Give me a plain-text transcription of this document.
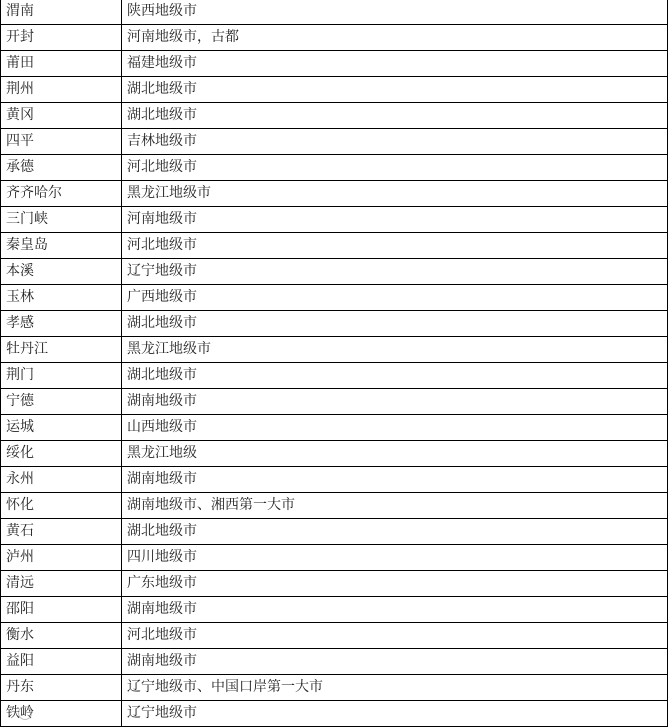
渭南	陕西地级市
开封	河南地级市，古都
莆田	福建地级市
荆州	湖北地级市
黄冈	湖北地级市
四平	吉林地级市
承德	河北地级市
齐齐哈尔	黑龙江地级市
三门峡	河南地级市
秦皇岛	河北地级市
本溪	辽宁地级市
玉林	广西地级市
孝感	湖北地级市
牡丹江	黑龙江地级市
荆门	湖北地级市
宁德	湖南地级市
运城	山西地级市
绥化	黑龙江地级
永州	湖南地级市
怀化	湖南地级市、湘西第一大市
黄石	湖北地级市
泸州	四川地级市
清远	广东地级市
邵阳	湖南地级市
衡水	河北地级市
益阳	湖南地级市
丹东	辽宁地级市、中国口岸第一大市
铁岭	辽宁地级市
